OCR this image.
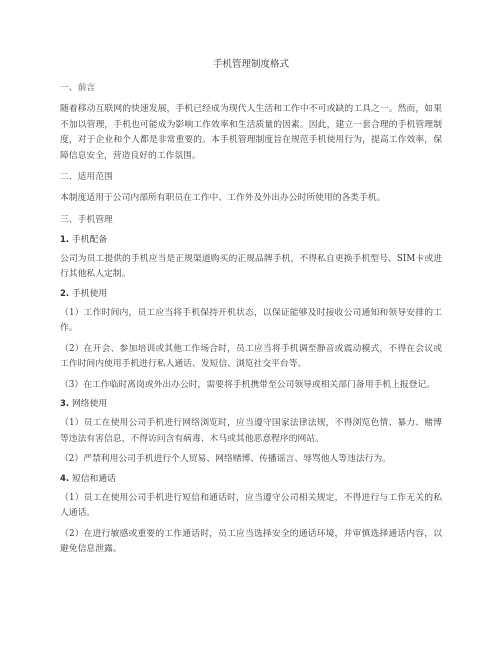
手机管理制度格式
一、前言
随着移动互联网的快速发展，手机已经成为现代人生活和工作中不可或缺的工具之一。然而，如果不加以管理，手机也可能成为影响工作效率和生活质量的因素。因此，建立一套合理的手机管理制度，对于企业和个人都是非常重要的。本手机管理制度旨在规范手机使用行为，提高工作效率，保障信息安全，营造良好的工作氛围。
二、适用范围
本制度适用于公司内部所有职员在工作中、工作外及外出办公时所使用的各类手机。
三、手机管理
1. 手机配备
公司为员工提供的手机应当是正规渠道购买的正规品牌手机，不得私自更换手机型号、SIM卡或进行其他私人定制。
2. 手机使用
（1）工作时间内，员工应当将手机保持开机状态，以保证能够及时接收公司通知和领导安排的工作。
（2）在开会、参加培训或其他工作场合时，员工应当将手机调至静音或震动模式，不得在会议或工作时间内使用手机进行私人通话、发短信、浏览社交平台等。
（3）在工作临时离岗或外出办公时，需要将手机携带至公司领导或相关部门备用手机上报登记。
3. 网络使用
（1）员工在使用公司手机进行网络浏览时，应当遵守国家法律法规，不得浏览色情、暴力、赌博等违法有害信息，不得访问含有病毒、木马或其他恶意程序的网站。
（2）严禁利用公司手机进行个人贸易、网络赌博、传播谣言、辱骂他人等违法行为。
4. 短信和通话
（1）员工在使用公司手机进行短信和通话时，应当遵守公司相关规定，不得进行与工作无关的私人通话。
（2）在进行敏感或重要的工作通话时，员工应当选择安全的通话环境，并审慎选择通话内容，以避免信息泄露。
